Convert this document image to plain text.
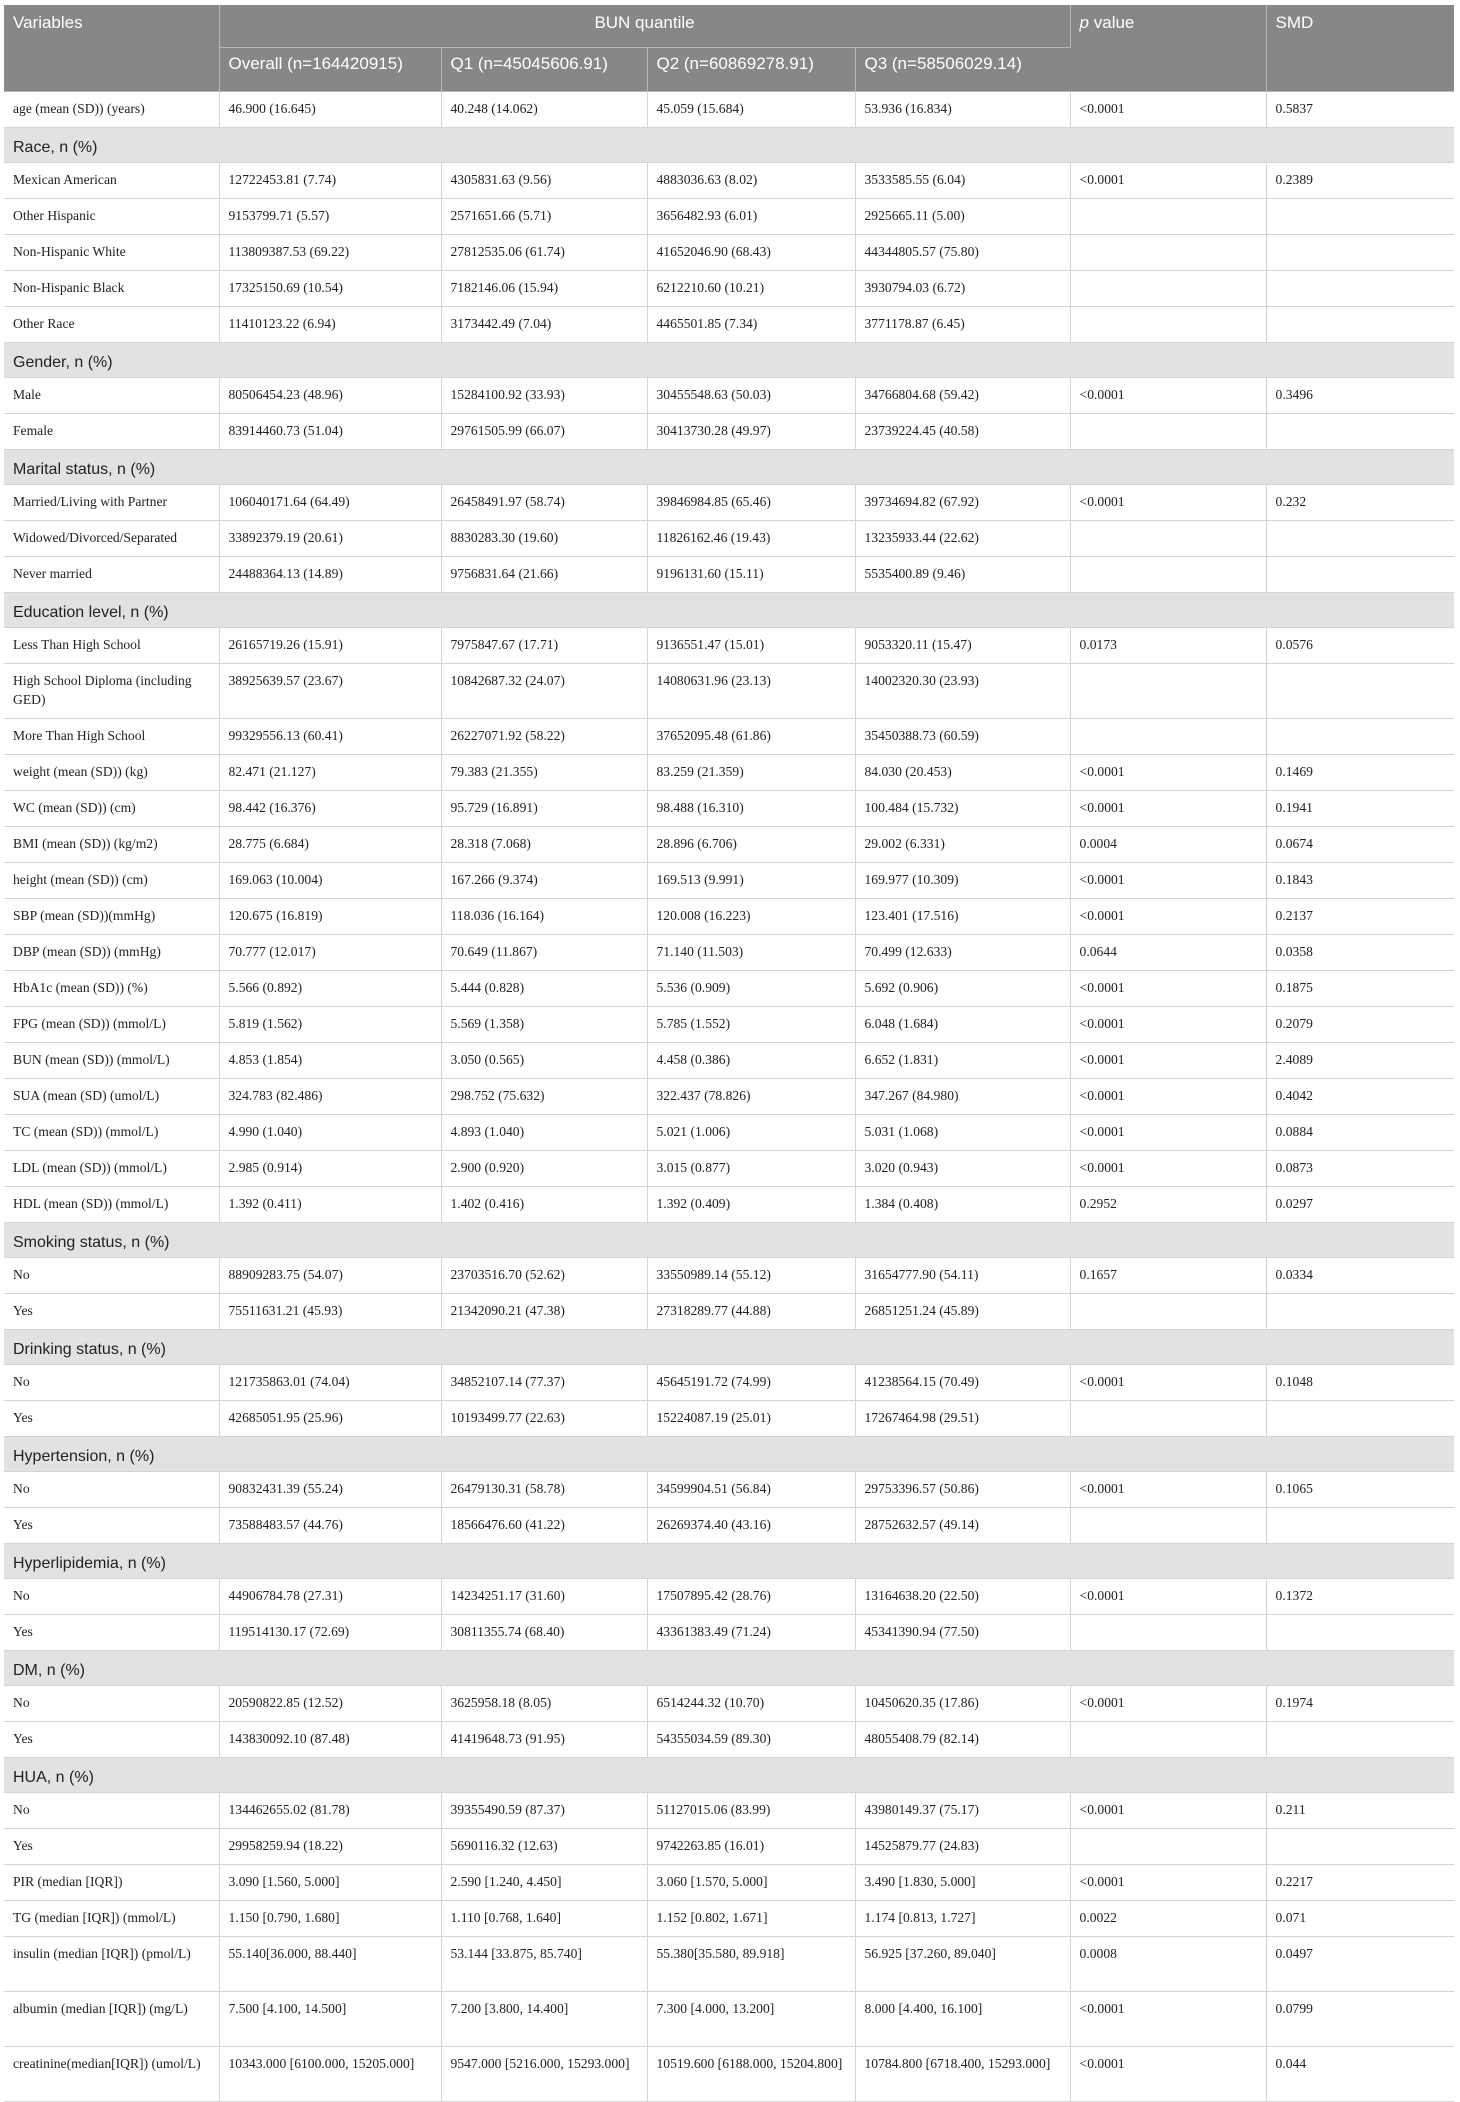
Variables	BUN quantile				p value	SMD
	Overall (n=164420915)	Q1 (n=45045606.91)	Q2 (n=60869278.91)	Q3 (n=58506029.14)		
age (mean (SD)) (years)	46.900 (16.645)	40.248 (14.062)	45.059 (15.684)	53.936 (16.834)	<0.0001	0.5837
Race, n (%)						
Mexican American	12722453.81 (7.74)	4305831.63 (9.56)	4883036.63 (8.02)	3533585.55 (6.04)	<0.0001	0.2389
Other Hispanic	9153799.71 (5.57)	2571651.66 (5.71)	3656482.93 (6.01)	2925665.11 (5.00)		
Non-Hispanic White	113809387.53 (69.22)	27812535.06 (61.74)	41652046.90 (68.43)	44344805.57 (75.80)		
Non-Hispanic Black	17325150.69 (10.54)	7182146.06 (15.94)	6212210.60 (10.21)	3930794.03 (6.72)		
Other Race	11410123.22 (6.94)	3173442.49 (7.04)	4465501.85 (7.34)	3771178.87 (6.45)		
Gender, n (%)						
Male	80506454.23 (48.96)	15284100.92 (33.93)	30455548.63 (50.03)	34766804.68 (59.42)	<0.0001	0.3496
Female	83914460.73 (51.04)	29761505.99 (66.07)	30413730.28 (49.97)	23739224.45 (40.58)		
Marital status, n (%)						
Married/Living with Partner	106040171.64 (64.49)	26458491.97 (58.74)	39846984.85 (65.46)	39734694.82 (67.92)	<0.0001	0.232
Widowed/Divorced/Separated	33892379.19 (20.61)	8830283.30 (19.60)	11826162.46 (19.43)	13235933.44 (22.62)		
Never married	24488364.13 (14.89)	9756831.64 (21.66)	9196131.60 (15.11)	5535400.89 (9.46)		
Education level, n (%)						
Less Than High School	26165719.26 (15.91)	7975847.67 (17.71)	9136551.47 (15.01)	9053320.11 (15.47)	0.0173	0.0576
High School Diploma (including GED)	38925639.57 (23.67)	10842687.32 (24.07)	14080631.96 (23.13)	14002320.30 (23.93)		
More Than High School	99329556.13 (60.41)	26227071.92 (58.22)	37652095.48 (61.86)	35450388.73 (60.59)		
weight (mean (SD)) (kg)	82.471 (21.127)	79.383 (21.355)	83.259 (21.359)	84.030 (20.453)	<0.0001	0.1469
WC (mean (SD)) (cm)	98.442 (16.376)	95.729 (16.891)	98.488 (16.310)	100.484 (15.732)	<0.0001	0.1941
BMI (mean (SD)) (kg/m2)	28.775 (6.684)	28.318 (7.068)	28.896 (6.706)	29.002 (6.331)	0.0004	0.0674
height (mean (SD)) (cm)	169.063 (10.004)	167.266 (9.374)	169.513 (9.991)	169.977 (10.309)	<0.0001	0.1843
SBP (mean (SD))(mmHg)	120.675 (16.819)	118.036 (16.164)	120.008 (16.223)	123.401 (17.516)	<0.0001	0.2137
DBP (mean (SD)) (mmHg)	70.777 (12.017)	70.649 (11.867)	71.140 (11.503)	70.499 (12.633)	0.0644	0.0358
HbA1c (mean (SD)) (%)	5.566 (0.892)	5.444 (0.828)	5.536 (0.909)	5.692 (0.906)	<0.0001	0.1875
FPG (mean (SD)) (mmol/L)	5.819 (1.562)	5.569 (1.358)	5.785 (1.552)	6.048 (1.684)	<0.0001	0.2079
BUN (mean (SD)) (mmol/L)	4.853 (1.854)	3.050 (0.565)	4.458 (0.386)	6.652 (1.831)	<0.0001	2.4089
SUA (mean (SD) (umol/L)	324.783 (82.486)	298.752 (75.632)	322.437 (78.826)	347.267 (84.980)	<0.0001	0.4042
TC (mean (SD)) (mmol/L)	4.990 (1.040)	4.893 (1.040)	5.021 (1.006)	5.031 (1.068)	<0.0001	0.0884
LDL (mean (SD)) (mmol/L)	2.985 (0.914)	2.900 (0.920)	3.015 (0.877)	3.020 (0.943)	<0.0001	0.0873
HDL (mean (SD)) (mmol/L)	1.392 (0.411)	1.402 (0.416)	1.392 (0.409)	1.384 (0.408)	0.2952	0.0297
Smoking status, n (%)						
No	88909283.75 (54.07)	23703516.70 (52.62)	33550989.14 (55.12)	31654777.90 (54.11)	0.1657	0.0334
Yes	75511631.21 (45.93)	21342090.21 (47.38)	27318289.77 (44.88)	26851251.24 (45.89)		
Drinking status, n (%)						
No	121735863.01 (74.04)	34852107.14 (77.37)	45645191.72 (74.99)	41238564.15 (70.49)	<0.0001	0.1048
Yes	42685051.95 (25.96)	10193499.77 (22.63)	15224087.19 (25.01)	17267464.98 (29.51)		
Hypertension, n (%)						
No	90832431.39 (55.24)	26479130.31 (58.78)	34599904.51 (56.84)	29753396.57 (50.86)	<0.0001	0.1065
Yes	73588483.57 (44.76)	18566476.60 (41.22)	26269374.40 (43.16)	28752632.57 (49.14)		
Hyperlipidemia, n (%)						
No	44906784.78 (27.31)	14234251.17 (31.60)	17507895.42 (28.76)	13164638.20 (22.50)	<0.0001	0.1372
Yes	119514130.17 (72.69)	30811355.74 (68.40)	43361383.49 (71.24)	45341390.94 (77.50)		
DM, n (%)						
No	20590822.85 (12.52)	3625958.18 (8.05)	6514244.32 (10.70)	10450620.35 (17.86)	<0.0001	0.1974
Yes	143830092.10 (87.48)	41419648.73 (91.95)	54355034.59 (89.30)	48055408.79 (82.14)		
HUA, n (%)						
No	134462655.02 (81.78)	39355490.59 (87.37)	51127015.06 (83.99)	43980149.37 (75.17)	<0.0001	0.211
Yes	29958259.94 (18.22)	5690116.32 (12.63)	9742263.85 (16.01)	14525879.77 (24.83)		
PIR (median [IQR])	3.090 [1.560, 5.000]	2.590 [1.240, 4.450]	3.060 [1.570, 5.000]	3.490 [1.830, 5.000]	<0.0001	0.2217
TG (median [IQR]) (mmol/L)	1.150 [0.790, 1.680]	1.110 [0.768, 1.640]	1.152 [0.802, 1.671]	1.174 [0.813, 1.727]	0.0022	0.071
insulin (median [IQR]) (pmol/L)	55.140[36.000, 88.440]	53.144 [33.875, 85.740]	55.380[35.580, 89.918]	56.925 [37.260, 89.040]	0.0008	0.0497
albumin (median [IQR]) (mg/L)	7.500 [4.100, 14.500]	7.200 [3.800, 14.400]	7.300 [4.000, 13.200]	8.000 [4.400, 16.100]	<0.0001	0.0799
creatinine(median[IQR]) (umol/L)	10343.000 [6100.000, 15205.000]	9547.000 [5216.000, 15293.000]	10519.600 [6188.000, 15204.800]	10784.800 [6718.400, 15293.000]	<0.0001	0.044
